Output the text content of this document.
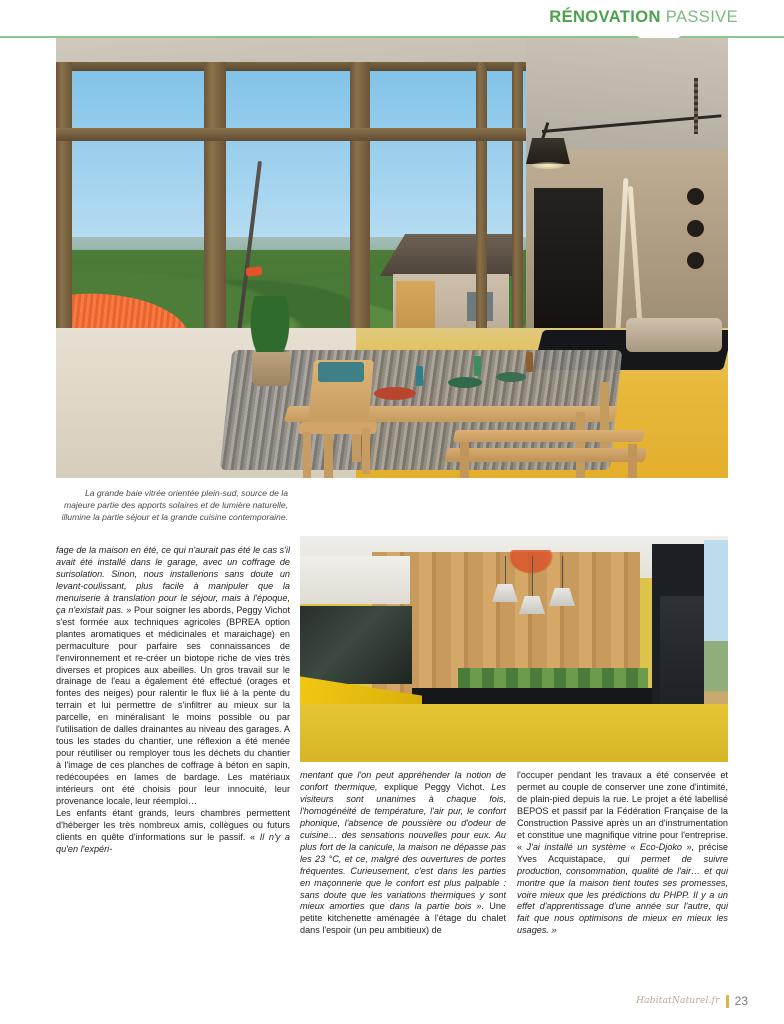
RÉNOVATION PASSIVE
La grande baie vitrée orientée plein-sud, source de la majeure partie des apports solaires et de lumière naturelle, illumine la partie séjour et la grande cuisine contemporaine.

fage de la maison en été, ce qui n'aurait pas été le cas s'il avait été installé dans le garage, avec un coffrage de surisolation. Sinon, nous installerions sans doute un levant-coulissant, plus facile à manipuler que la menuiserie à translation pour le séjour, mais à l'époque, ça n'existait pas. » Pour soigner les abords, Peggy Vichot s'est formée aux techniques agricoles (BPREA option plantes aromatiques et médicinales et maraichage) en permaculture pour parfaire ses connaissances de l'environnement et re-créer un biotope riche de vies très diverses et propices aux abeilles. Un gros travail sur le drainage de l'eau a également été effectué (orages et fontes des neiges) pour ralentir le flux lié à la pente du terrain et lui permettre de s'infiltrer au mieux sur la parcelle, en minéralisant le moins possible ou par l'utilisation de dalles drainantes au niveau des garages. A tous les stades du chantier, une réflexion a été menée pour réutiliser ou remployer tous les déchets du chantier à l'image de ces planches de coffrage à béton en sapin, redécoupées en lames de bardage. Les matériaux intérieurs ont été choisis pour leur innocuité, leur provenance locale, leur réemploi…

Les enfants étant grands, leurs chambres permettent d'héberger les très nombreux amis, collègues ou futurs clients en quête d'informations sur le passif. « Il n'y a qu'en l'expéri-

mentant que l'on peut appréhender la notion de confort thermique, explique Peggy Vichot. Les visiteurs sont unanimes à chaque fois, l'homogénéité de température, l'air pur, le confort phonique, l'absence de poussière ou d'odeur de cuisine… des sensations nouvelles pour eux. Au plus fort de la canicule, la maison ne dépasse pas les 23 °C, et ce, malgré des ouvertures de portes fréquentes. Curieusement, c'est dans les parties en maçonnerie que le confort est plus palpable : sans doute que les variations thermiques y sont mieux amorties que dans la partie bois ». Une petite kitchenette aménagée à l'étage du chalet dans l'espoir (un peu ambitieux) de

l'occuper pendant les travaux a été conservée et permet au couple de conserver une zone d'intimité, de plain-pied depuis la rue. Le projet a été labellisé BEPOS et passif par la Fédération Française de la Construction Passive après un an d'instrumentation et constitue une magnifique vitrine pour l'entreprise. « J'ai installé un système « Eco-Djoko », précise Yves Acquistapace, qui permet de suivre production, consommation, qualité de l'air… et qui montre que la maison tient toutes ses promesses, voire mieux que les prédictions du PHPP. Il y a un effet d'apprentissage d'une année sur l'autre, qui fait que nous optimisons de mieux en mieux les usages. »

HabitatNaturel.fr 23
